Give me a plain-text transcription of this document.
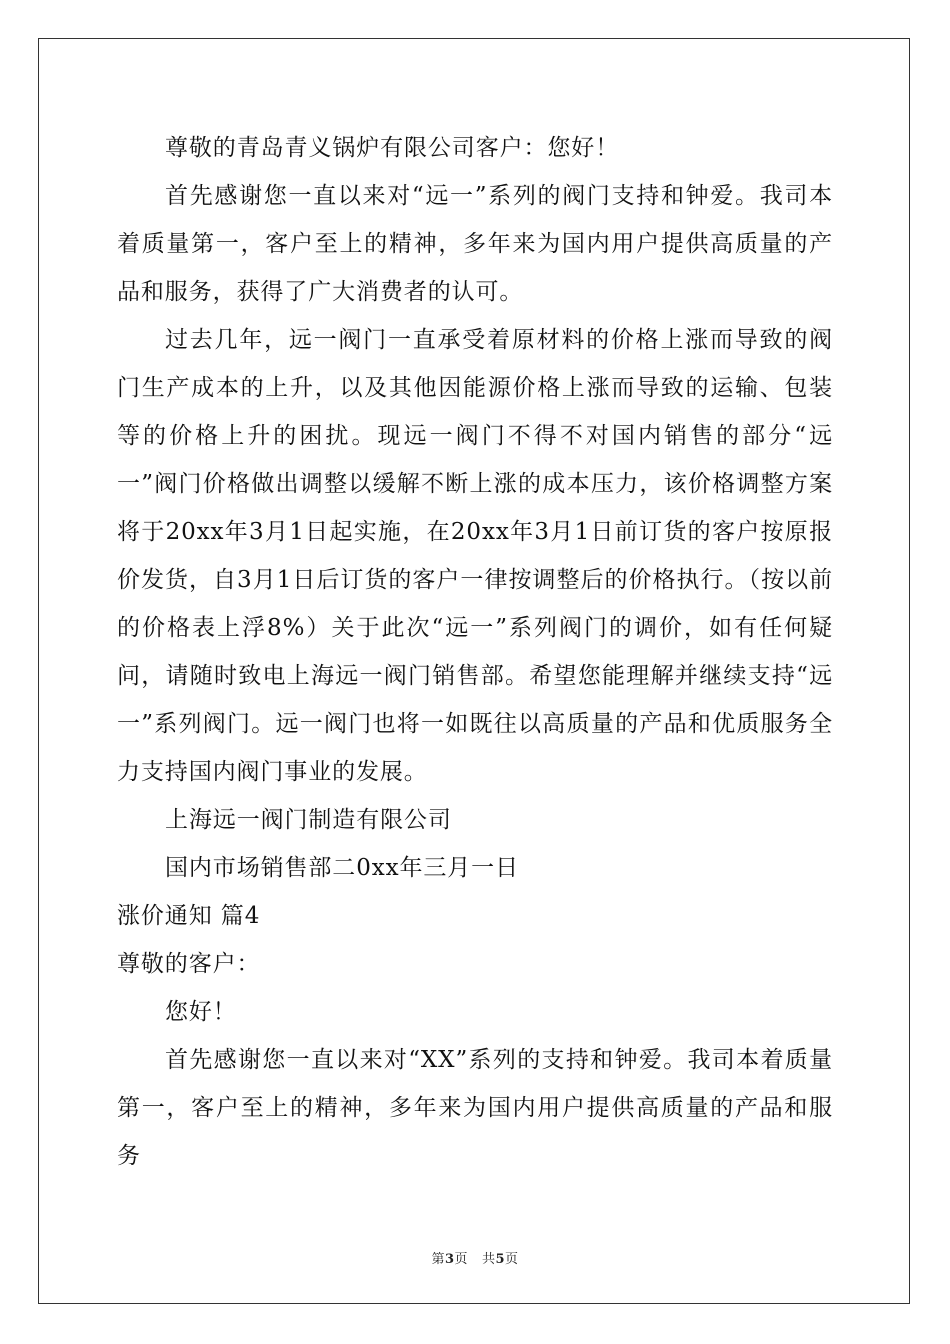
尊敬的青岛青义锅炉有限公司客户：您好！

首先感谢您一直以来对“远一”系列的阀门支持和钟爱。我司本着质量第一，客户至上的精神，多年来为国内用户提供高质量的产品和服务，获得了广大消费者的认可。

过去几年，远一阀门一直承受着原材料的价格上涨而导致的阀门生产成本的上升，以及其他因能源价格上涨而导致的运输、包装等的价格上升的困扰。现远一阀门不得不对国内销售的部分“远一”阀门价格做出调整以缓解不断上涨的成本压力，该价格调整方案将于20xx年3月1日起实施，在20xx年3月1日前订货的客户按原报价发货，自3月1日后订货的客户一律按调整后的价格执行。（按以前的价格表上浮8%）关于此次“远一”系列阀门的调价，如有任何疑问，请随时致电上海远一阀门销售部。希望您能理解并继续支持“远一”系列阀门。远一阀门也将一如既往以高质量的产品和优质服务全力支持国内阀门事业的发展。

上海远一阀门制造有限公司

国内市场销售部二0xx年三月一日

涨价通知 篇4

尊敬的客户：

您好！

首先感谢您一直以来对“XX”系列的支持和钟爱。我司本着质量第一，客户至上的精神，多年来为国内用户提供高质量的产品和服务

第3页   共5页
